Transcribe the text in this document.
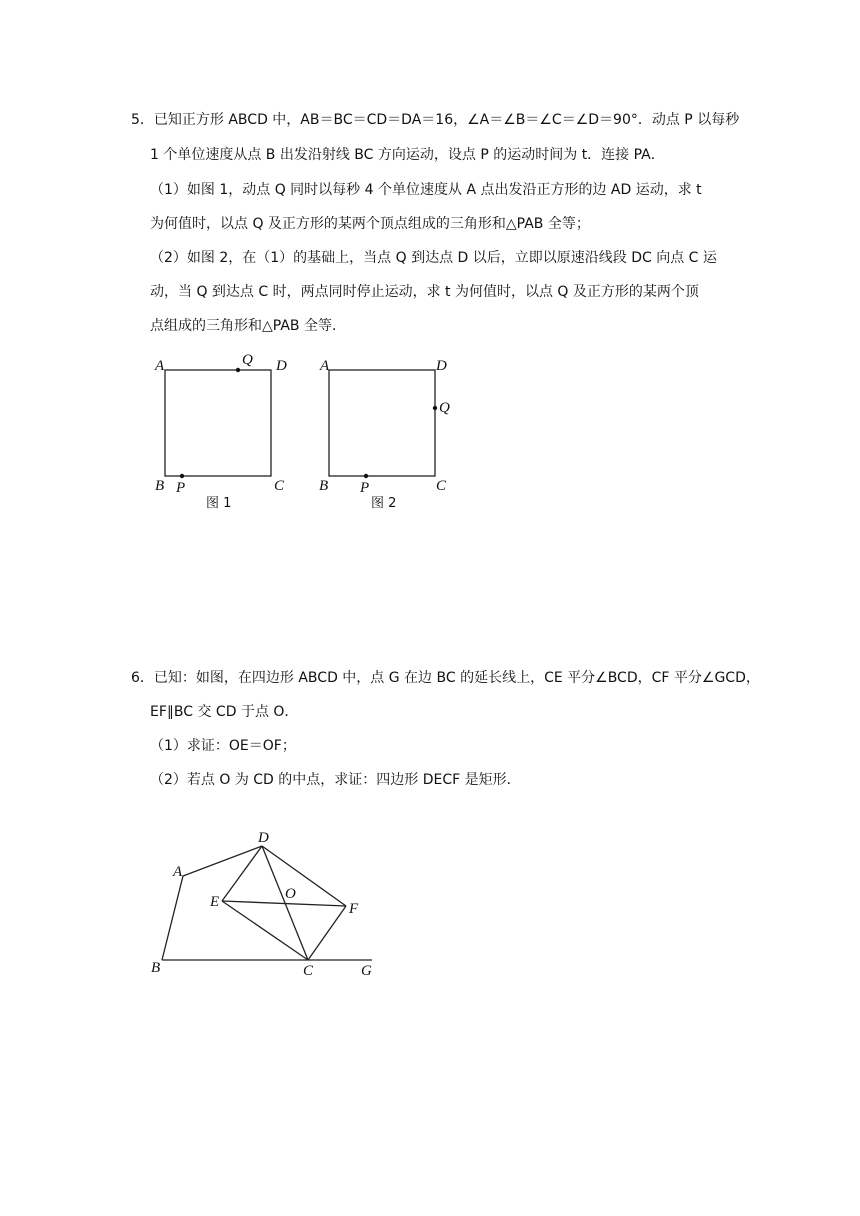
5．已知正方形 ABCD 中，AB＝BC＝CD＝DA＝16，∠A＝∠B＝∠C＝∠D＝90°．动点 P 以每秒
1 个单位速度从点 B 出发沿射线 BC 方向运动，设点 P 的运动时间为 t．连接 PA．
（1）如图 1，动点 Q 同时以每秒 4 个单位速度从 A 点出发沿正方形的边 AD 运动，求 t
为何值时，以点 Q 及正方形的某两个顶点组成的三角形和△PAB 全等；
（2）如图 2，在（1）的基础上，当点 Q 到达点 D 以后，立即以原速沿线段 DC 向点 C 运
动，当 Q 到达点 C 时，两点同时停止运动，求 t 为何值时，以点 Q 及正方形的某两个顶
点组成的三角形和△PAB 全等．
A	Q D
B P	C
图 1
A	D
Q
B P	C
图 2
6．已知：如图，在四边形 ABCD 中，点 G 在边 BC 的延长线上，CE 平分∠BCD，CF 平分∠GCD，
EF∥BC 交 CD 于点 O．
（1）求证：OE＝OF；
（2）若点 O 为 CD 的中点，求证：四边形 DECF 是矩形．
A
D
E	O
F
B	C	G
